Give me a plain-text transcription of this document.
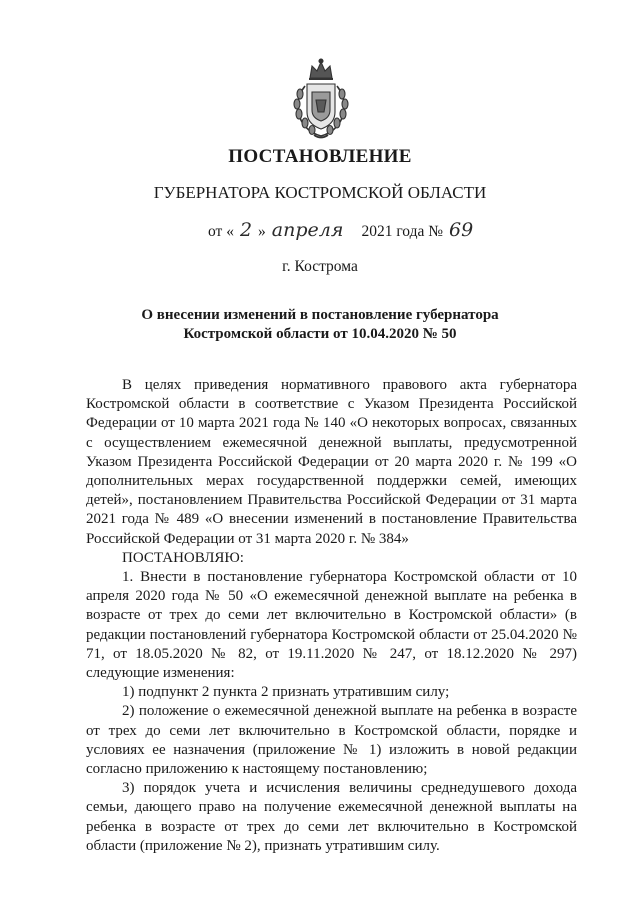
ПОСТАНОВЛЕНИЕ
ГУБЕРНАТОРА КОСТРОМСКОЙ ОБЛАСТИ
от « 2 » апреля 2021 года № 69
г. Кострома
О внесении изменений в постановление губернатора
Костромской области от 10.04.2020 № 50

В целях приведения нормативного правового акта губернатора Костромской области в соответствие с Указом Президента Российской Федерации от 10 марта 2021 года № 140 «О некоторых вопросах, связанных с осуществлением ежемесячной денежной выплаты, предусмотренной Указом Президента Российской Федерации от 20 марта 2020 г. № 199 «О дополнительных мерах государственной поддержки семей, имеющих детей», постановлением Правительства Российской Федерации от 31 марта 2021 года № 489 «О внесении изменений в постановление Правительства Российской Федерации от 31 марта 2020 г. № 384»

ПОСТАНОВЛЯЮ:

1. Внести в постановление губернатора Костромской области от 10 апреля 2020 года № 50 «О ежемесячной денежной выплате на ребенка в возрасте от трех до семи лет включительно в Костромской области» (в редакции постановлений губернатора Костромской области от 25.04.2020 № 71, от 18.05.2020 № 82, от 19.11.2020 № 247, от 18.12.2020 № 297) следующие изменения:

1) подпункт 2 пункта 2 признать утратившим силу;

2) положение о ежемесячной денежной выплате на ребенка в возрасте от трех до семи лет включительно в Костромской области, порядке и условиях ее назначения (приложение № 1) изложить в новой редакции согласно приложению к настоящему постановлению;

3) порядок учета и исчисления величины среднедушевого дохода семьи, дающего право на получение ежемесячной денежной выплаты на ребенка в возрасте от трех до семи лет включительно в Костромской области (приложение № 2), признать утратившим силу.
